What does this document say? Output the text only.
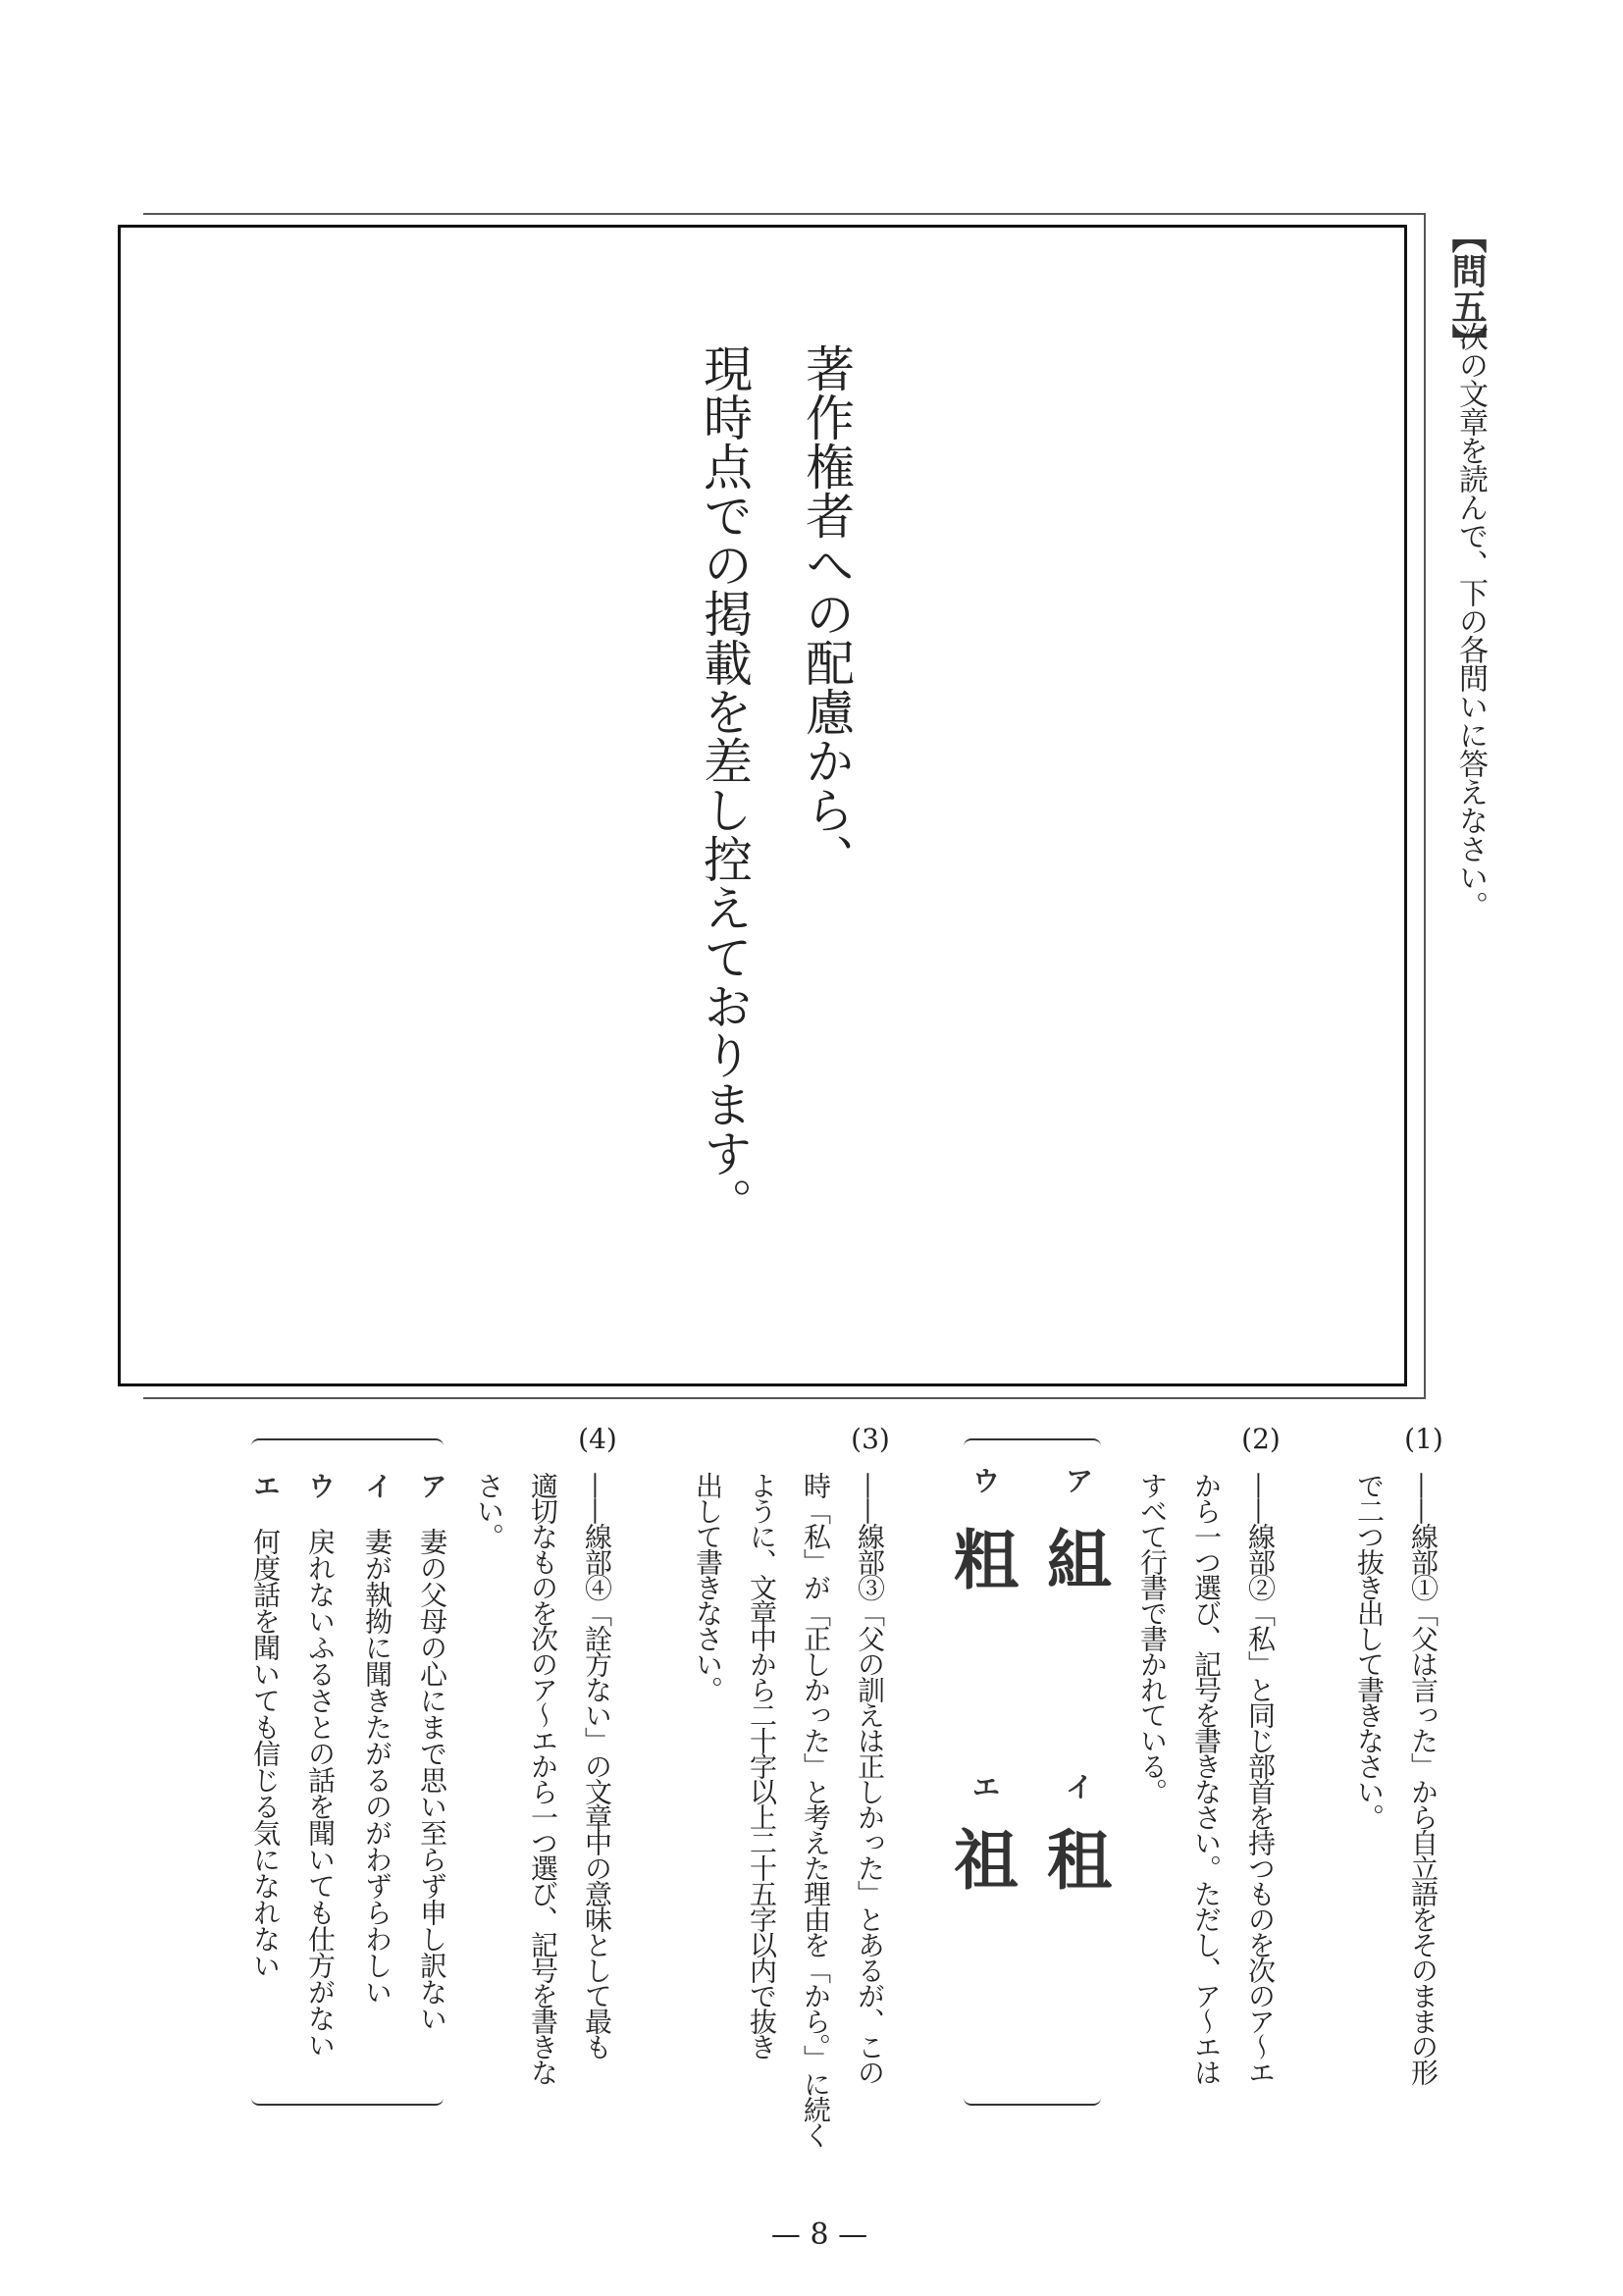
【問五】
次の文章を読んで、下の各問いに答えなさい。
著作権者への配慮から、
現時点での掲載を差し控えております。
(1)
——線部①「父は言った」から自立語をそのままの形
で二つ抜き出して書きなさい。
(2)
——線部②「私」と同じ部首を持つものを次のア〜エ
から一つ選び、記号を書きなさい。ただし、ア〜エは
すべて行書で書かれている。
ア
組
イ
租
ウ
粗
エ
祖
(3)
——線部③「父の訓えは正しかった」とあるが、この
時「私」が「正しかった」と考えた理由を「から。」に続く
ように、文章中から二十字以上二十五字以内で抜き
出して書きなさい。
(4)
——線部④「詮方ない」の文章中の意味として最も
適切なものを次のア〜エから一つ選び、記号を書きな
さい。
ア妻の父母の心にまで思い至らず申し訳ない
イ妻が執拗に聞きたがるのがわずらわしい
ウ戻れないふるさとの話を聞いても仕方がない
エ何度話を聞いても信じる気になれない
— 8 —
